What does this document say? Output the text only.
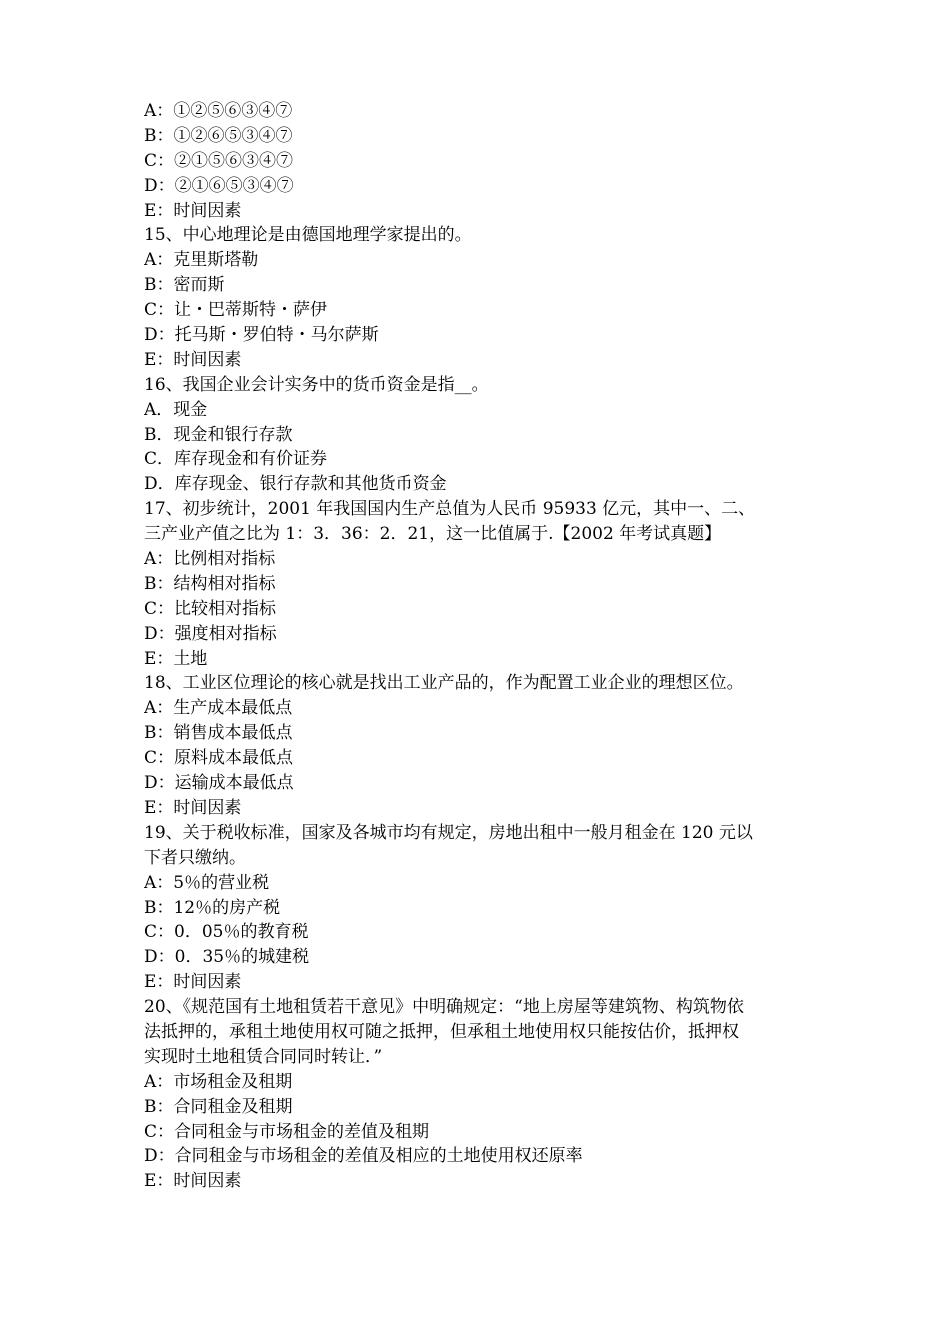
A：①②⑤⑥③④⑦
B：①②⑥⑤③④⑦
C：②①⑤⑥③④⑦
D：②①⑥⑤③④⑦
E：时间因素
15、中心地理论是由德国地理学家提出的。
A：克里斯塔勒
B：密而斯
C：让・巴蒂斯特・萨伊
D：托马斯・罗伯特・马尔萨斯
E：时间因素
16、我国企业会计实务中的货币资金是指__。
A．现金
B．现金和银行存款
C．库存现金和有价证券
D．库存现金、银行存款和其他货币资金
17、初步统计，2001 年我国国内生产总值为人民币 95933 亿元，其中一、二、
三产业产值之比为 1：3．36：2．21，这一比值属于.【2002 年考试真题】
A：比例相对指标
B：结构相对指标
C：比较相对指标
D：强度相对指标
E：土地
18、工业区位理论的核心就是找出工业产品的，作为配置工业企业的理想区位。
A：生产成本最低点
B：销售成本最低点
C：原料成本最低点
D：运输成本最低点
E：时间因素
19、关于税收标准，国家及各城市均有规定，房地出租中一般月租金在 120 元以
下者只缴纳。
A：5％的营业税
B：12％的房产税
C：0．05％的教育税
D：0．35％的城建税
E：时间因素
20、《规范国有土地租赁若干意见》中明确规定：“地上房屋等建筑物、构筑物依
法抵押的，承租土地使用权可随之抵押，但承租土地使用权只能按估价，抵押权
实现时土地租赁合同同时转让．”
A：市场租金及租期
B：合同租金及租期
C：合同租金与市场租金的差值及租期
D：合同租金与市场租金的差值及相应的土地使用权还原率
E：时间因素
